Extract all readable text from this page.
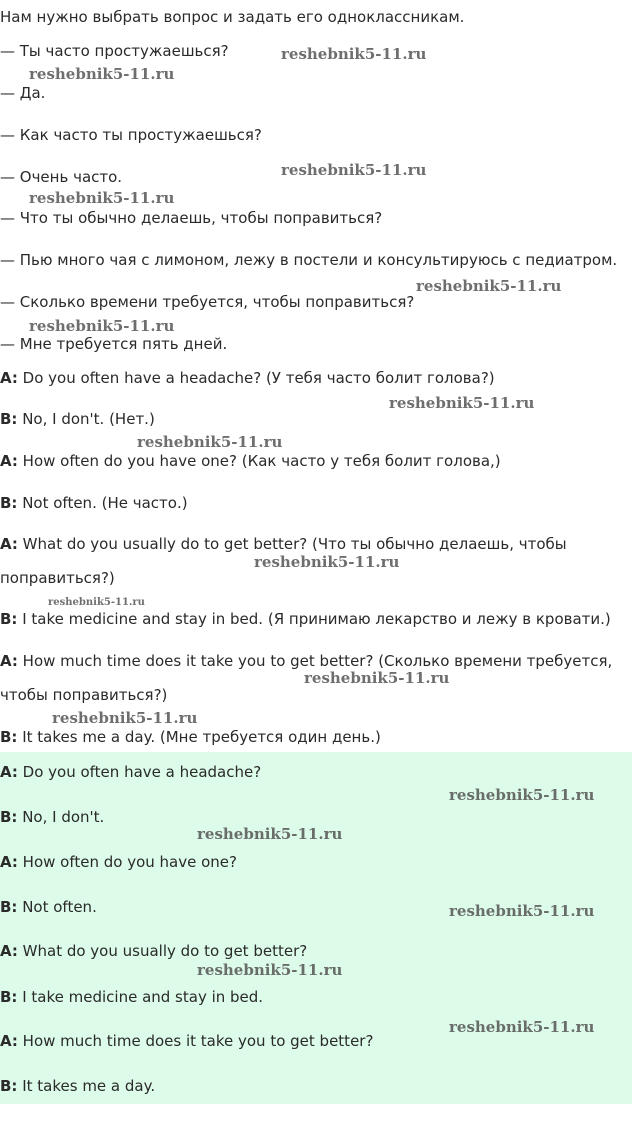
Нам нужно выбрать вопрос и задать его одноклассникам.
— Ты часто простужаешься?
— Да.
— Как часто ты простужаешься?
— Очень часто.
— Что ты обычно делаешь, чтобы поправиться?
— Пью много чая с лимоном, лежу в постели и консультируюсь с педиатром.
— Сколько времени требуется, чтобы поправиться?
— Мне требуется пять дней.
A: Do you often have a headache? (У тебя часто болит голова?)
B: No, I don't. (Нет.)
A: How often do you have one? (Как часто у тебя болит голова,)
B: Not often. (Не часто.)
A: What do you usually do to get better? (Что ты обычно делаешь, чтобы
поправиться?)
B: I take medicine and stay in bed. (Я принимаю лекарство и лежу в кровати.)
A: How much time does it take you to get better? (Сколько времени требуется,
чтобы поправиться?)
B: It takes me a day. (Мне требуется один день.)
A: Do you often have a headache?
B: No, I don't.
A: How often do you have one?
B: Not often.
A: What do you usually do to get better?
B: I take medicine and stay in bed.
A: How much time does it take you to get better?
B: It takes me a day.
reshebnik5-11.ru
reshebnik5-11.ru
reshebnik5-11.ru
reshebnik5-11.ru
reshebnik5-11.ru
reshebnik5-11.ru
reshebnik5-11.ru
reshebnik5-11.ru
reshebnik5-11.ru
reshebnik5-11.ru
reshebnik5-11.ru
reshebnik5-11.ru
reshebnik5-11.ru
reshebnik5-11.ru
reshebnik5-11.ru
reshebnik5-11.ru
reshebnik5-11.ru
